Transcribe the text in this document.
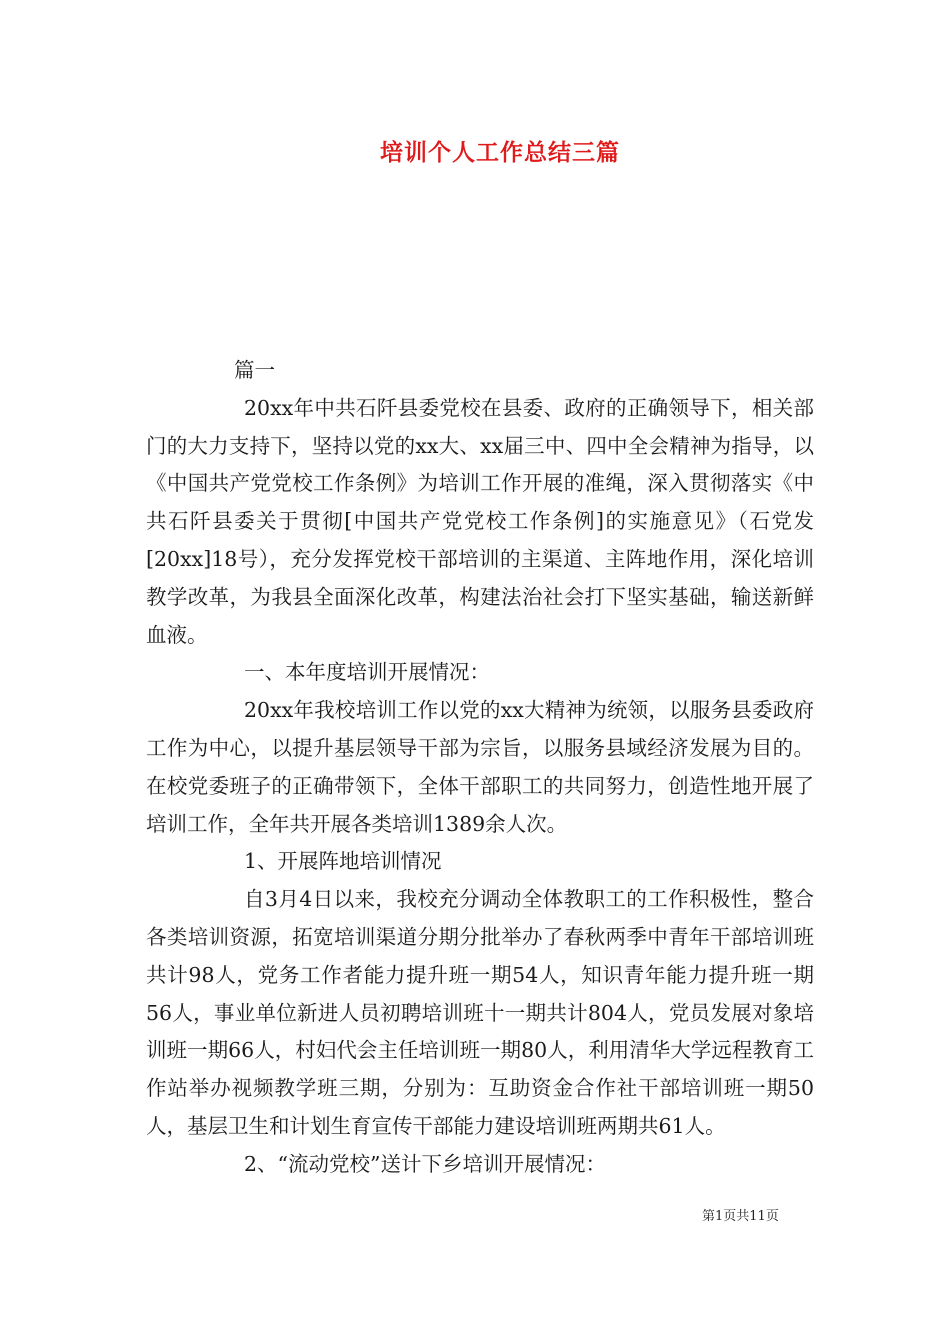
培训个人工作总结三篇

篇一

20xx年中共石阡县委党校在县委、政府的正确领导下，相关部门的大力支持下，坚持以党的xx大、xx届三中、四中全会精神为指导，以《中国共产党党校工作条例》为培训工作开展的准绳，深入贯彻落实《中共石阡县委关于贯彻[中国共产党党校工作条例]的实施意见》（石党发[20xx]18号），充分发挥党校干部培训的主渠道、主阵地作用，深化培训教学改革，为我县全面深化改革，构建法治社会打下坚实基础，输送新鲜血液。

一、本年度培训开展情况：

20xx年我校培训工作以党的xx大精神为统领，以服务县委政府工作为中心，以提升基层领导干部为宗旨，以服务县域经济发展为目的。在校党委班子的正确带领下，全体干部职工的共同努力，创造性地开展了培训工作，全年共开展各类培训1389余人次。

1、开展阵地培训情况

自3月4日以来，我校充分调动全体教职工的工作积极性，整合各类培训资源，拓宽培训渠道分期分批举办了春秋两季中青年干部培训班共计98人，党务工作者能力提升班一期54人，知识青年能力提升班一期56人，事业单位新进人员初聘培训班十一期共计804人，党员发展对象培训班一期66人，村妇代会主任培训班一期80人，利用清华大学远程教育工作站举办视频教学班三期，分别为：互助资金合作社干部培训班一期50人，基层卫生和计划生育宣传干部能力建设培训班两期共61人。

2、“流动党校”送计下乡培训开展情况：

第1页共11页
